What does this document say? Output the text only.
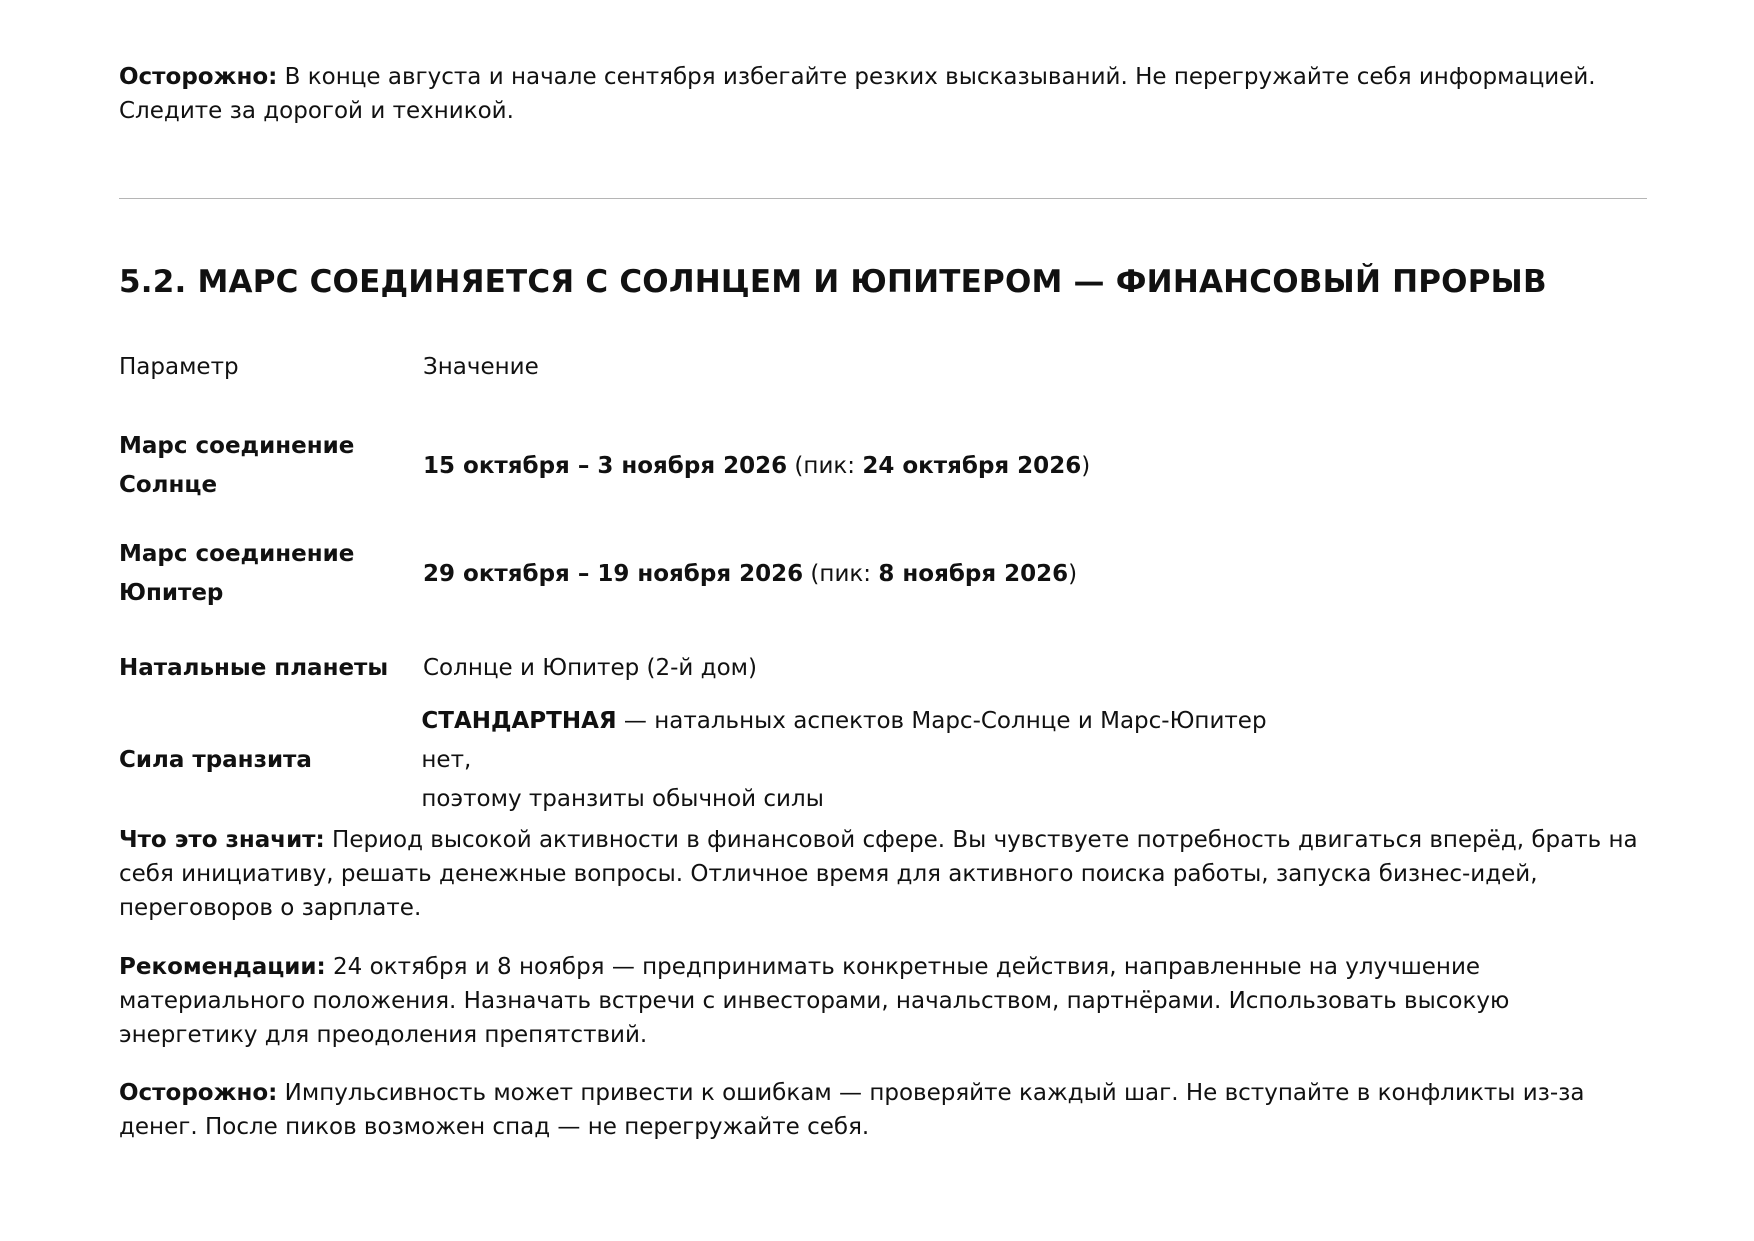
Осторожно: В конце августа и начале сентября избегайте резких высказываний. Не перегружайте себя информацией. Следите за дорогой и техникой.

5.2. МАРС СОЕДИНЯЕТСЯ С СОЛНЦЕМ И ЮПИТЕРОМ — ФИНАНСОВЫЙ ПРОРЫВ
Параметр	Значение
Марс соединение
Солнце
15 октября – 3 ноября 2026 (пик: 24 октября 2026)
Марс соединение
Юпитер
29 октября – 19 ноября 2026 (пик: 8 ноября 2026)
Натальные планеты	Солнце и Юпитер (2-й дом)
Сила транзита
СТАНДАРТНАЯ — натальных аспектов Марс-Солнце и Марс-Юпитер нет,
поэтому транзиты обычной силы

Что это значит: Период высокой активности в финансовой сфере. Вы чувствуете потребность двигаться вперёд, брать на себя инициативу, решать денежные вопросы. Отличное время для активного поиска работы, запуска бизнес-идей, переговоров о зарплате.

Рекомендации: 24 октября и 8 ноября — предпринимать конкретные действия, направленные на улучшение материального положения. Назначать встречи с инвесторами, начальством, партнёрами. Использовать высокую энергетику для преодоления препятствий.

Осторожно: Импульсивность может привести к ошибкам — проверяйте каждый шаг. Не вступайте в конфликты из-за денег. После пиков возможен спад — не перегружайте себя.
